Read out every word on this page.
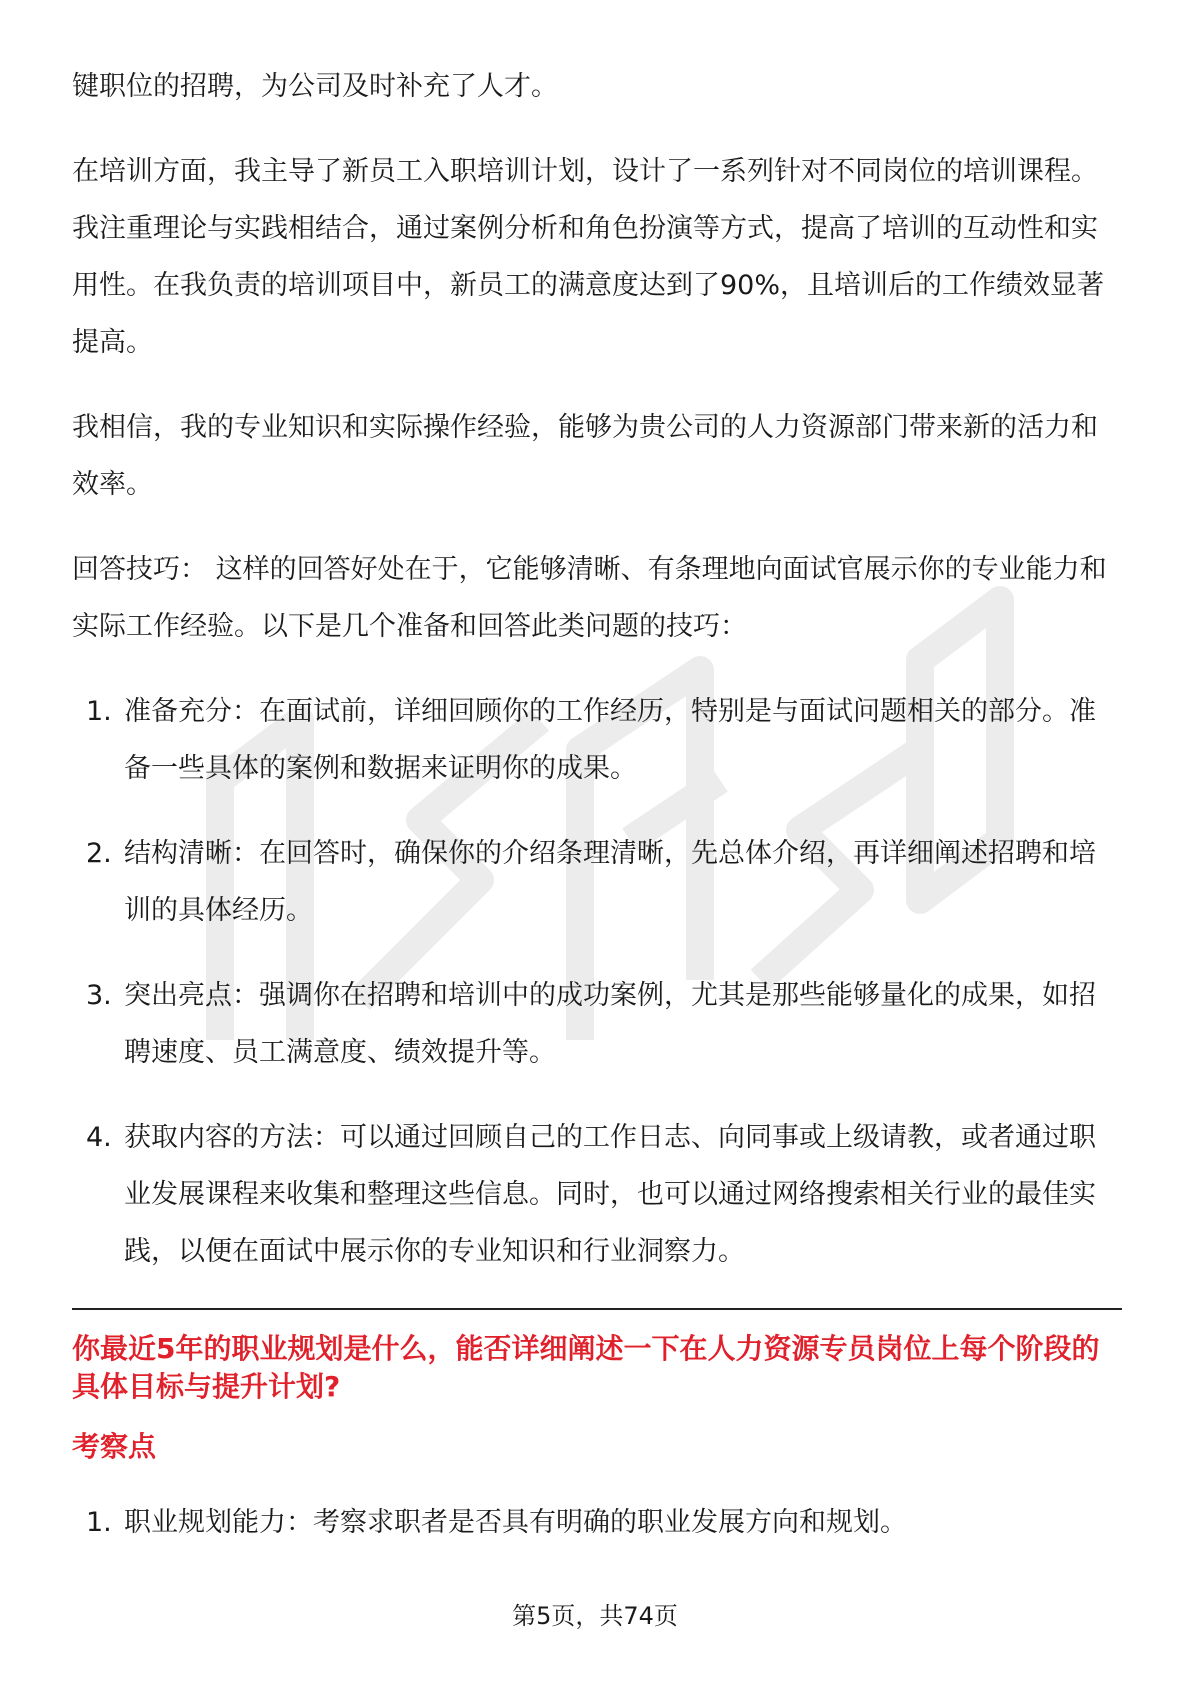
键职位的招聘，为公司及时补充了人才。

在培训方面，我主导了新员工入职培训计划，设计了一系列针对不同岗位的培训课程。我注重理论与实践相结合，通过案例分析和角色扮演等方式，提高了培训的互动性和实用性。在我负责的培训项目中，新员工的满意度达到了90%，且培训后的工作绩效显著提高。

我相信，我的专业知识和实际操作经验，能够为贵公司的人力资源部门带来新的活力和效率。

回答技巧： 这样的回答好处在于，它能够清晰、有条理地向面试官展示你的专业能力和实际工作经验。以下是几个准备和回答此类问题的技巧：

1. 准备充分：在面试前，详细回顾你的工作经历，特别是与面试问题相关的部分。准备一些具体的案例和数据来证明你的成果。
2. 结构清晰：在回答时，确保你的介绍条理清晰，先总体介绍，再详细阐述招聘和培训的具体经历。
3. 突出亮点：强调你在招聘和培训中的成功案例，尤其是那些能够量化的成果，如招聘速度、员工满意度、绩效提升等。
4. 获取内容的方法：可以通过回顾自己的工作日志、向同事或上级请教，或者通过职业发展课程来收集和整理这些信息。同时，也可以通过网络搜索相关行业的最佳实践，以便在面试中展示你的专业知识和行业洞察力。

你最近5年的职业规划是什么，能否详细阐述一下在人力资源专员岗位上每个阶段的具体目标与提升计划?

考察点

1. 职业规划能力：考察求职者是否具有明确的职业发展方向和规划。
第5页，共74页
